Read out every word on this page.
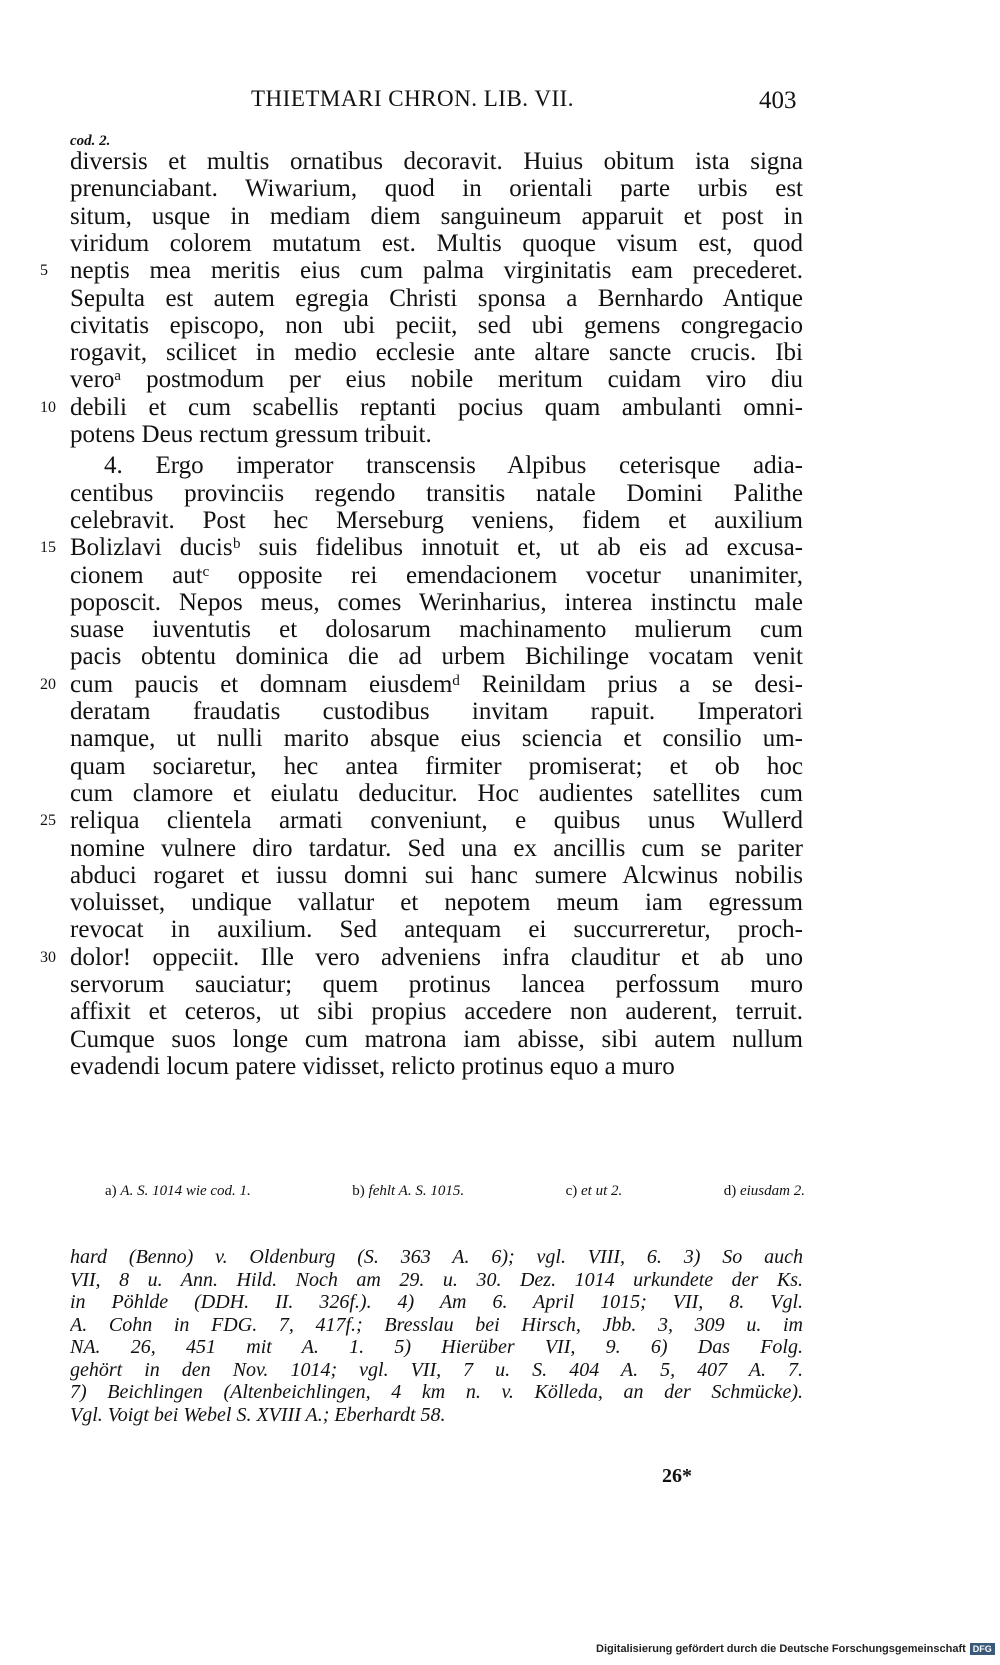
THIETMARI CHRON. LIB. VII.	403
cod. 2.
diversis et multis ornatibus decoravit. Huius obitum ista signa
prenunciabant. Wiwarium, quod in orientali parte urbis est
situm, usque in mediam diem sanguineum apparuit et post in
viridum colorem mutatum est. Multis quoque visum est, quod
neptis mea meritis eius cum palma virginitatis eam precederet.
5
Sepulta est autem egregia Christi sponsa a Bernhardo Antique
civitatis episcopo, non ubi peciit, sed ubi gemens congregacio
rogavit, scilicet in medio ecclesie ante altare sancte crucis. Ibi
veroᵃ postmodum per eius nobile meritum cuidam viro diu
debili et cum scabellis reptanti pocius quam ambulanti omni-
10
potens Deus rectum gressum tribuit.
4. Ergo imperator transcensis Alpibus ceterisque adia-
centibus provinciis regendo transitis natale Domini Palithe
celebravit. Post hec Merseburg veniens, fidem et auxilium
Bolizlavi ducisᵇ suis fidelibus innotuit et, ut ab eis ad excusa-
15
cionem autᶜ opposite rei emendacionem vocetur unanimiter,
poposcit. Nepos meus, comes Werinharius, interea instinctu male
suase iuventutis et dolosarum machinamento mulierum cum
pacis obtentu dominica die ad urbem Bichilinge vocatam venit
cum paucis et domnam eiusdemᵈ Reinildam prius a se desi-
20
deratam fraudatis custodibus invitam rapuit. Imperatori
namque, ut nulli marito absque eius sciencia et consilio um-
quam sociaretur, hec antea firmiter promiserat; et ob hoc
cum clamore et eiulatu deducitur. Hoc audientes satellites cum
reliqua clientela armati conveniunt, e quibus unus Wullerd
25
nomine vulnere diro tardatur. Sed una ex ancillis cum se pariter
abduci rogaret et iussu domni sui hanc sumere Alcwinus nobilis
voluisset, undique vallatur et nepotem meum iam egressum
revocat in auxilium. Sed antequam ei succurreretur, proch-
dolor! oppeciit. Ille vero adveniens infra clauditur et ab uno
30
servorum sauciatur; quem protinus lancea perfossum muro
affixit et ceteros, ut sibi propius accedere non auderent, terruit.
Cumque suos longe cum matrona iam abisse, sibi autem nullum
evadendi locum patere vidisset, relicto protinus equo a muro
a) A. S. 1014 wie cod. 1.	b) fehlt A. S. 1015.	c) et ut 2.	d) eiusdam 2.
hard (Benno) v. Oldenburg (S. 363 A. 6); vgl. VIII, 6. 3) So auch
VII, 8 u. Ann. Hild. Noch am 29. u. 30. Dez. 1014 urkundete der Ks.
in Pöhlde (DDH. II. 326f.). 4) Am 6. April 1015; VII, 8. Vgl.
A. Cohn in FDG. 7, 417f.; Bresslau bei Hirsch, Jbb. 3, 309 u. im
NA. 26, 451 mit A. 1. 5) Hierüber VII, 9. 6) Das Folg.
gehört in den Nov. 1014; vgl. VII, 7 u. S. 404 A. 5, 407 A. 7.
7) Beichlingen (Altenbeichlingen, 4 km n. v. Kölleda, an der Schmücke).
Vgl. Voigt bei Webel S. XVIII A.; Eberhardt 58.
26*
Digitalisierung gefördert durch die Deutsche Forschungsgemeinschaft DFG
